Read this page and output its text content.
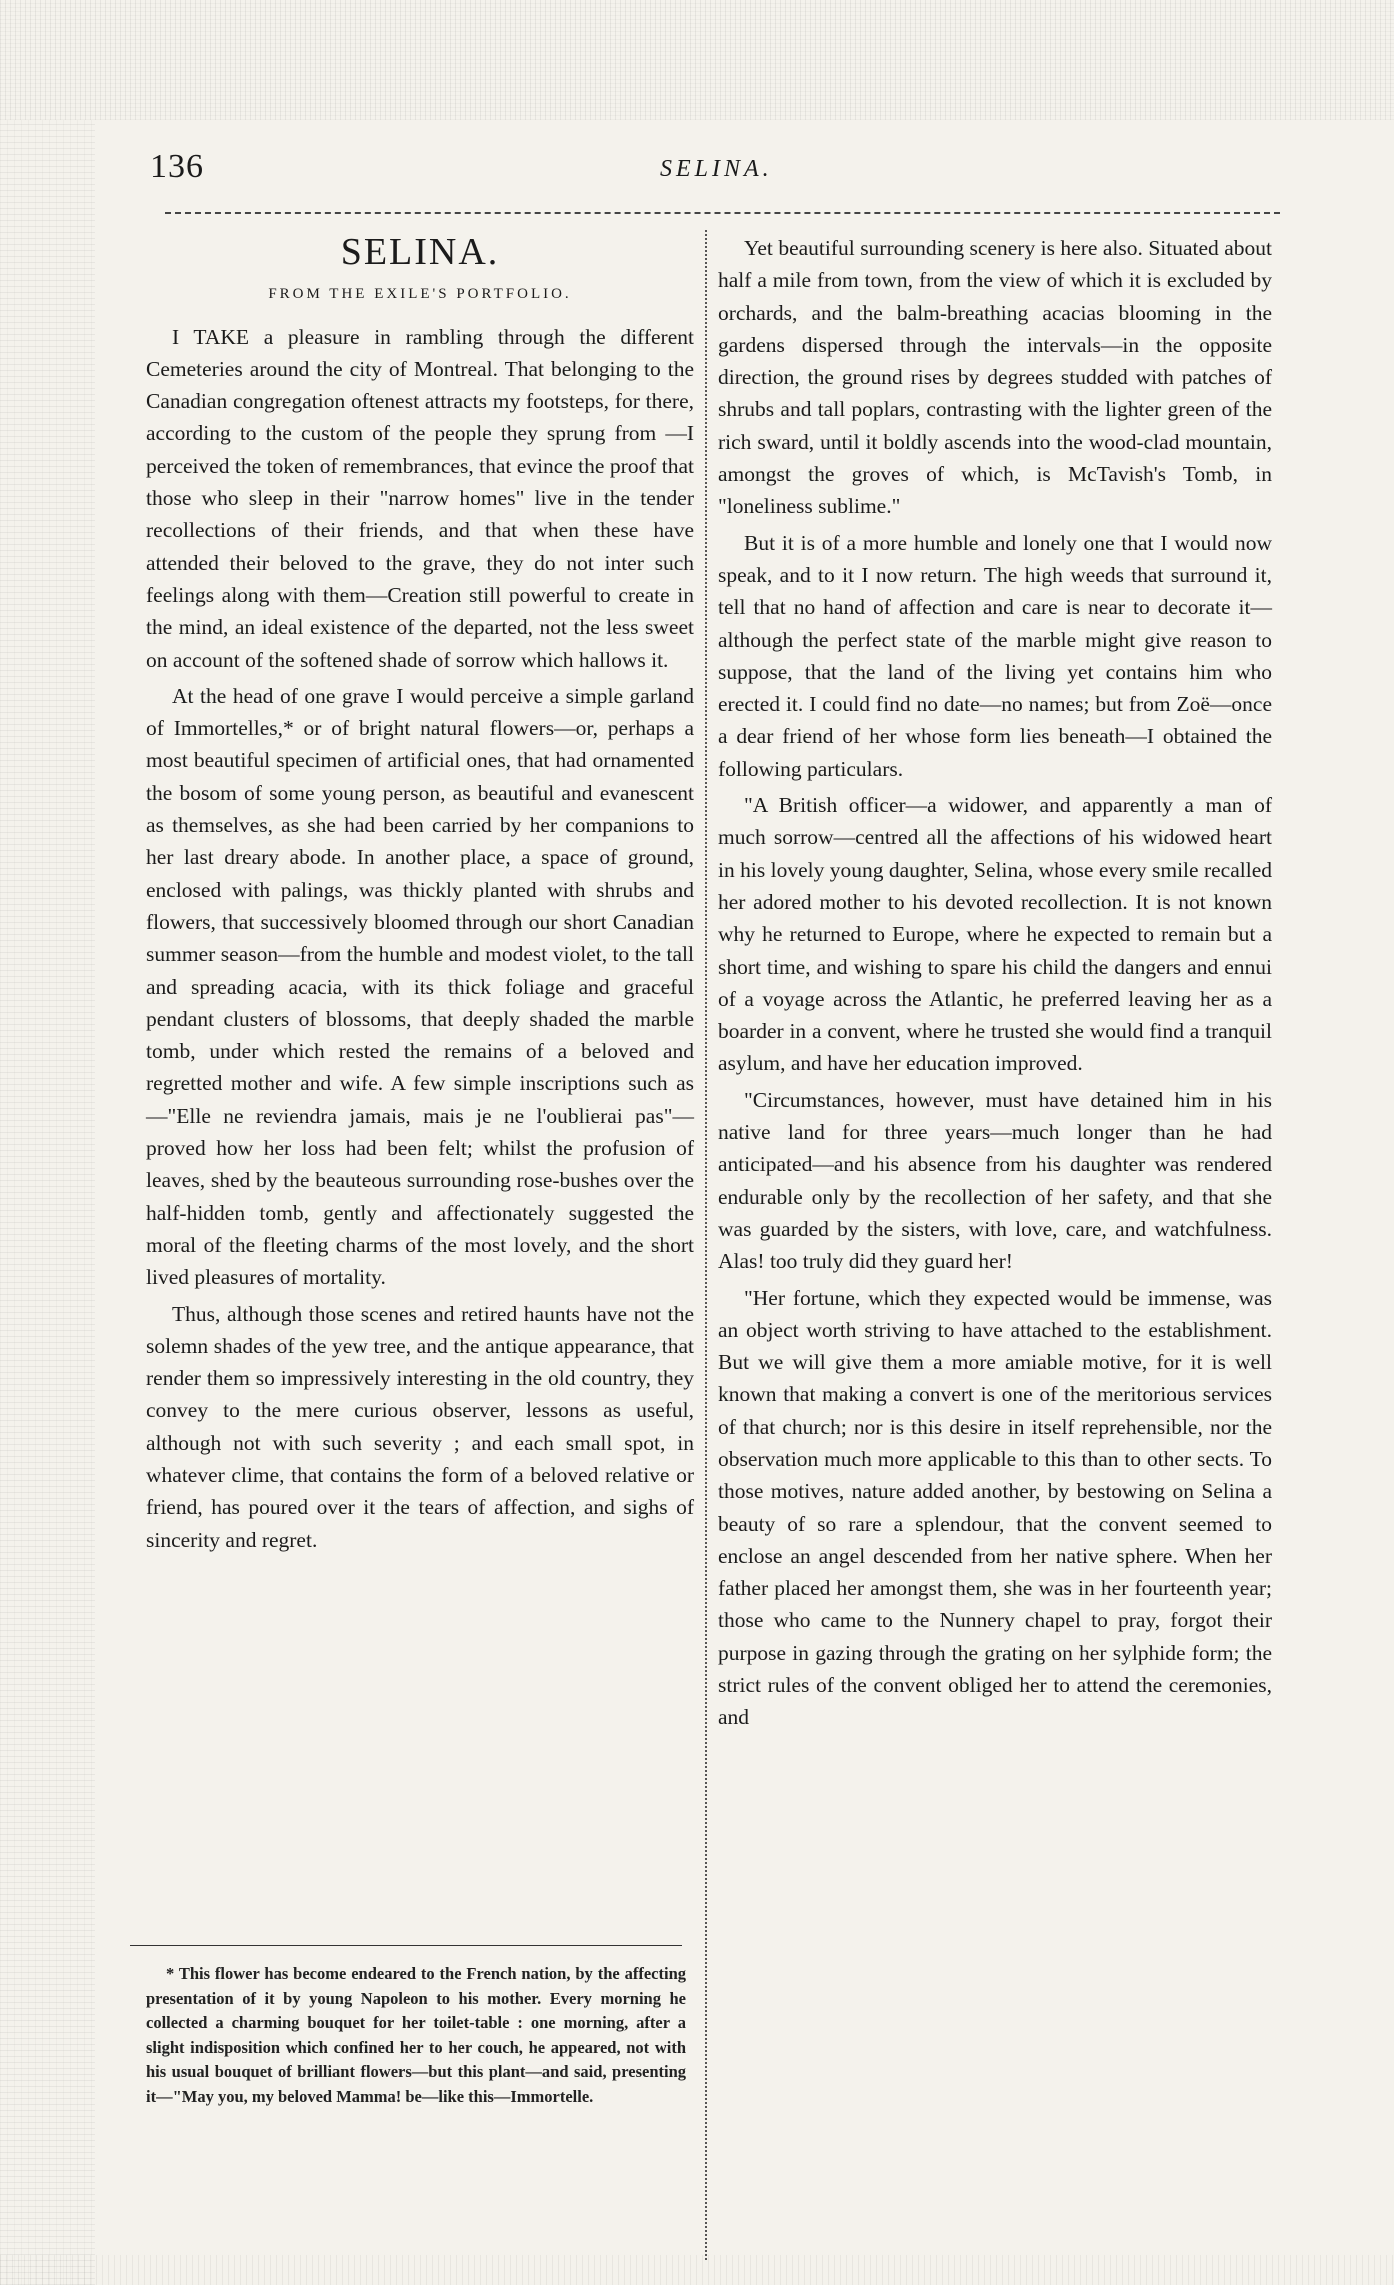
136	SELINA.
SELINA.
FROM THE EXILE'S PORTFOLIO.

I TAKE a pleasure in rambling through the different Cemeteries around the city of Montreal. That belonging to the Canadian congregation oftenest attracts my footsteps, for there, according to the custom of the people they sprung from —I perceived the token of remembrances, that evince the proof that those who sleep in their "narrow homes" live in the tender recollections of their friends, and that when these have attended their beloved to the grave, they do not inter such feelings along with them—Creation still powerful to create in the mind, an ideal existence of the departed, not the less sweet on account of the softened shade of sorrow which hallows it.

At the head of one grave I would perceive a simple garland of Immortelles,* or of bright natural flowers—or, perhaps a most beautiful specimen of artificial ones, that had ornamented the bosom of some young person, as beautiful and evanescent as themselves, as she had been carried by her companions to her last dreary abode. In another place, a space of ground, enclosed with palings, was thickly planted with shrubs and flowers, that successively bloomed through our short Canadian summer season—from the humble and modest violet, to the tall and spreading acacia, with its thick foliage and graceful pendant clusters of blossoms, that deeply shaded the marble tomb, under which rested the remains of a beloved and regretted mother and wife. A few simple inscriptions such as—"Elle ne reviendra jamais, mais je ne l'oublierai pas"—proved how her loss had been felt; whilst the profusion of leaves, shed by the beauteous surrounding rose-bushes over the half-hidden tomb, gently and affectionately suggested the moral of the fleeting charms of the most lovely, and the short lived pleasures of mortality.

Thus, although those scenes and retired haunts have not the solemn shades of the yew tree, and the antique appearance, that render them so impressively interesting in the old country, they convey to the mere curious observer, lessons as useful, although not with such severity ; and each small spot, in whatever clime, that contains the form of a beloved relative or friend, has poured over it the tears of affection, and sighs of sincerity and regret.

Yet beautiful surrounding scenery is here also. Situated about half a mile from town, from the view of which it is excluded by orchards, and the balm-breathing acacias blooming in the gardens dispersed through the intervals—in the opposite direction, the ground rises by degrees studded with patches of shrubs and tall poplars, contrasting with the lighter green of the rich sward, until it boldly ascends into the wood-clad mountain, amongst the groves of which, is McTavish's Tomb, in "loneliness sublime."

But it is of a more humble and lonely one that I would now speak, and to it I now return. The high weeds that surround it, tell that no hand of affection and care is near to decorate it—although the perfect state of the marble might give reason to suppose, that the land of the living yet contains him who erected it. I could find no date—no names; but from Zoë—once a dear friend of her whose form lies beneath—I obtained the following particulars.

"A British officer—a widower, and apparently a man of much sorrow—centred all the affections of his widowed heart in his lovely young daughter, Selina, whose every smile recalled her adored mother to his devoted recollection. It is not known why he returned to Europe, where he expected to remain but a short time, and wishing to spare his child the dangers and ennui of a voyage across the Atlantic, he preferred leaving her as a boarder in a convent, where he trusted she would find a tranquil asylum, and have her education improved.

"Circumstances, however, must have detained him in his native land for three years—much longer than he had anticipated—and his absence from his daughter was rendered endurable only by the recollection of her safety, and that she was guarded by the sisters, with love, care, and watchfulness. Alas! too truly did they guard her!

"Her fortune, which they expected would be immense, was an object worth striving to have attached to the establishment. But we will give them a more amiable motive, for it is well known that making a convert is one of the meritorious services of that church; nor is this desire in itself reprehensible, nor the observation much more applicable to this than to other sects. To those motives, nature added another, by bestowing on Selina a beauty of so rare a splendour, that the convent seemed to enclose an angel descended from her native sphere. When her father placed her amongst them, she was in her fourteenth year; those who came to the Nunnery chapel to pray, forgot their purpose in gazing through the grating on her sylphide form; the strict rules of the convent obliged her to attend the ceremonies, and

* This flower has become endeared to the French nation, by the affecting presentation of it by young Napoleon to his mother. Every morning he collected a charming bouquet for her toilet-table : one morning, after a slight indisposition which confined her to her couch, he appeared, not with his usual bouquet of brilliant flowers—but this plant—and said, presenting it—"May you, my beloved Mamma! be—like this—Immortelle.
